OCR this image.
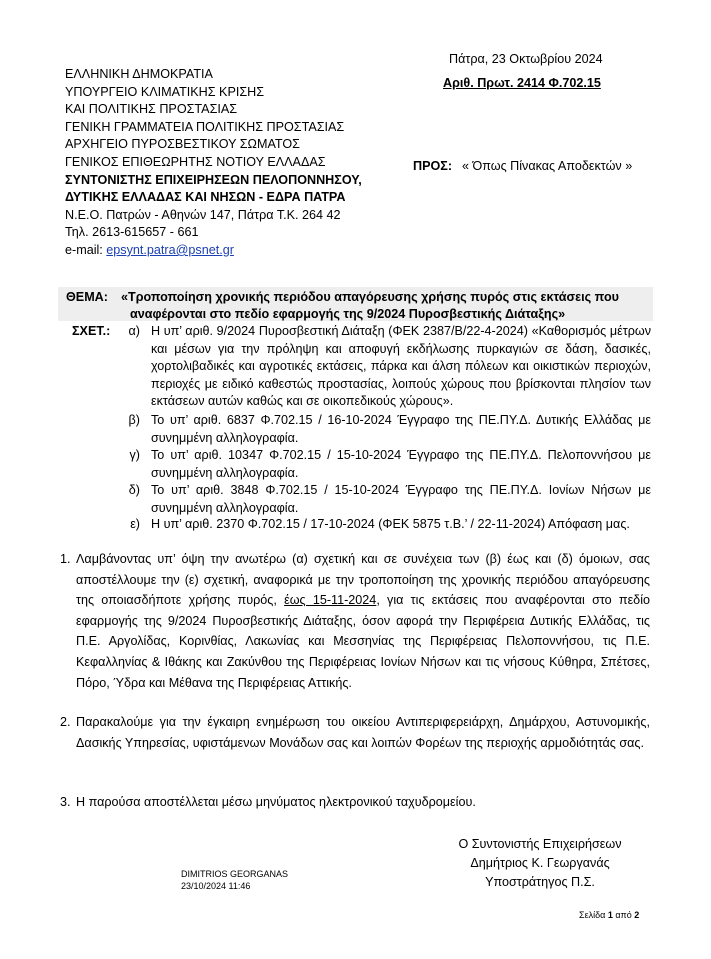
Πάτρα, 23 Οκτωβρίου 2024
Αριθ. Πρωτ. 2414 Φ.702.15
ΕΛΛΗΝΙΚΗ ΔΗΜΟΚΡΑΤΙΑ
ΥΠΟΥΡΓΕΙΟ ΚΛΙΜΑΤΙΚΗΣ ΚΡΙΣΗΣ
ΚΑΙ ΠΟΛΙΤΙΚΗΣ ΠΡΟΣΤΑΣΙΑΣ
ΓΕΝΙΚΗ ΓΡΑΜΜΑΤΕΙΑ ΠΟΛΙΤΙΚΗΣ ΠΡΟΣΤΑΣΙΑΣ
ΑΡΧΗΓΕΙΟ ΠΥΡΟΣΒΕΣΤΙΚΟΥ ΣΩΜΑΤΟΣ
ΓΕΝΙΚΟΣ ΕΠΙΘΕΩΡΗΤΗΣ ΝΟΤΙΟΥ ΕΛΛΑΔΑΣ
ΣΥΝΤΟΝΙΣΤΗΣ ΕΠΙΧΕΙΡΗΣΕΩΝ ΠΕΛΟΠΟΝΝΗΣΟΥ,
ΔΥΤΙΚΗΣ ΕΛΛΑΔΑΣ ΚΑΙ ΝΗΣΩΝ - ΕΔΡΑ ΠΑΤΡΑ
Ν.Ε.Ο. Πατρών - Αθηνών 147, Πάτρα Τ.Κ. 264 42
Τηλ. 2613-615657 - 661
e-mail: epsynt.patra@psnet.gr
ΠΡΟΣ: « Όπως Πίνακας Αποδεκτών »
ΘΕΜΑ: «Τροποποίηση χρονικής περιόδου απαγόρευσης χρήσης πυρός στις εκτάσεις που
αναφέρονται στο πεδίο εφαρμογής της 9/2024 Πυροσβεστικής Διάταξης»
ΣΧΕΤ.:	α) Η υπ’ αριθ. 9/2024 Πυροσβεστική Διάταξη (ΦΕΚ 2387/Β/22-4-2024) «Καθορισμός μέτρων και μέσων για την πρόληψη και αποφυγή εκδήλωσης πυρκαγιών σε δάση, δασικές, χορτολιβαδικές και αγροτικές εκτάσεις, πάρκα και άλση πόλεων και οικιστικών περιοχών, περιοχές με ειδικό καθεστώς προστασίας, λοιπούς χώρους που βρίσκονται πλησίον των εκτάσεων αυτών καθώς και σε οικοπεδικούς χώρους».
β) Το υπ’ αριθ. 6837 Φ.702.15 / 16-10-2024 Έγγραφο της ΠΕ.ΠΥ.Δ. Δυτικής Ελλάδας με συνημμένη αλληλογραφία.
γ) Το υπ’ αριθ. 10347 Φ.702.15 / 15-10-2024 Έγγραφο της ΠΕ.ΠΥ.Δ. Πελοποννήσου με συνημμένη αλληλογραφία.
δ) Το υπ’ αριθ. 3848 Φ.702.15 / 15-10-2024 Έγγραφο της ΠΕ.ΠΥ.Δ. Ιονίων Νήσων με συνημμένη αλληλογραφία.
ε) Η υπ’ αριθ. 2370 Φ.702.15 / 17-10-2024 (ΦΕΚ 5875 τ.Β.’ / 22-11-2024) Απόφαση μας.
1. Λαμβάνοντας υπ’ όψη την ανωτέρω (α) σχετική και σε συνέχεια των (β) έως και (δ) όμοιων, σας αποστέλλουμε την (ε) σχετική, αναφορικά με την τροποποίηση της χρονικής περιόδου απαγόρευσης της οποιασδήποτε χρήσης πυρός, έως 15-11-2024, για τις εκτάσεις που αναφέρονται στο πεδίο εφαρμογής της 9/2024 Πυροσβεστικής Διάταξης, όσον αφορά την Περιφέρεια Δυτικής Ελλάδας, τις Π.Ε. Αργολίδας, Κορινθίας, Λακωνίας και Μεσσηνίας της Περιφέρειας Πελοποννήσου, τις Π.Ε. Κεφαλληνίας & Ιθάκης και Ζακύνθου της Περιφέρειας Ιονίων Νήσων και τις νήσους Κύθηρα, Σπέτσες, Πόρο, Ύδρα και Μέθανα της Περιφέρειας Αττικής.
2. Παρακαλούμε για την έγκαιρη ενημέρωση του οικείου Αντιπεριφερειάρχη, Δημάρχου, Αστυνομικής, Δασικής Υπηρεσίας, υφιστάμενων Μονάδων σας και λοιπών Φορέων της περιοχής αρμοδιότητάς σας.
3. Η παρούσα αποστέλλεται μέσω μηνύματος ηλεκτρονικού ταχυδρομείου.
Ο Συντονιστής Επιχειρήσεων
Δημήτριος Κ. Γεωργανάς
Υποστράτηγος Π.Σ.
DIMITRIOS GEORGANAS
23/10/2024 11:46
Σελίδα 1 από 2
